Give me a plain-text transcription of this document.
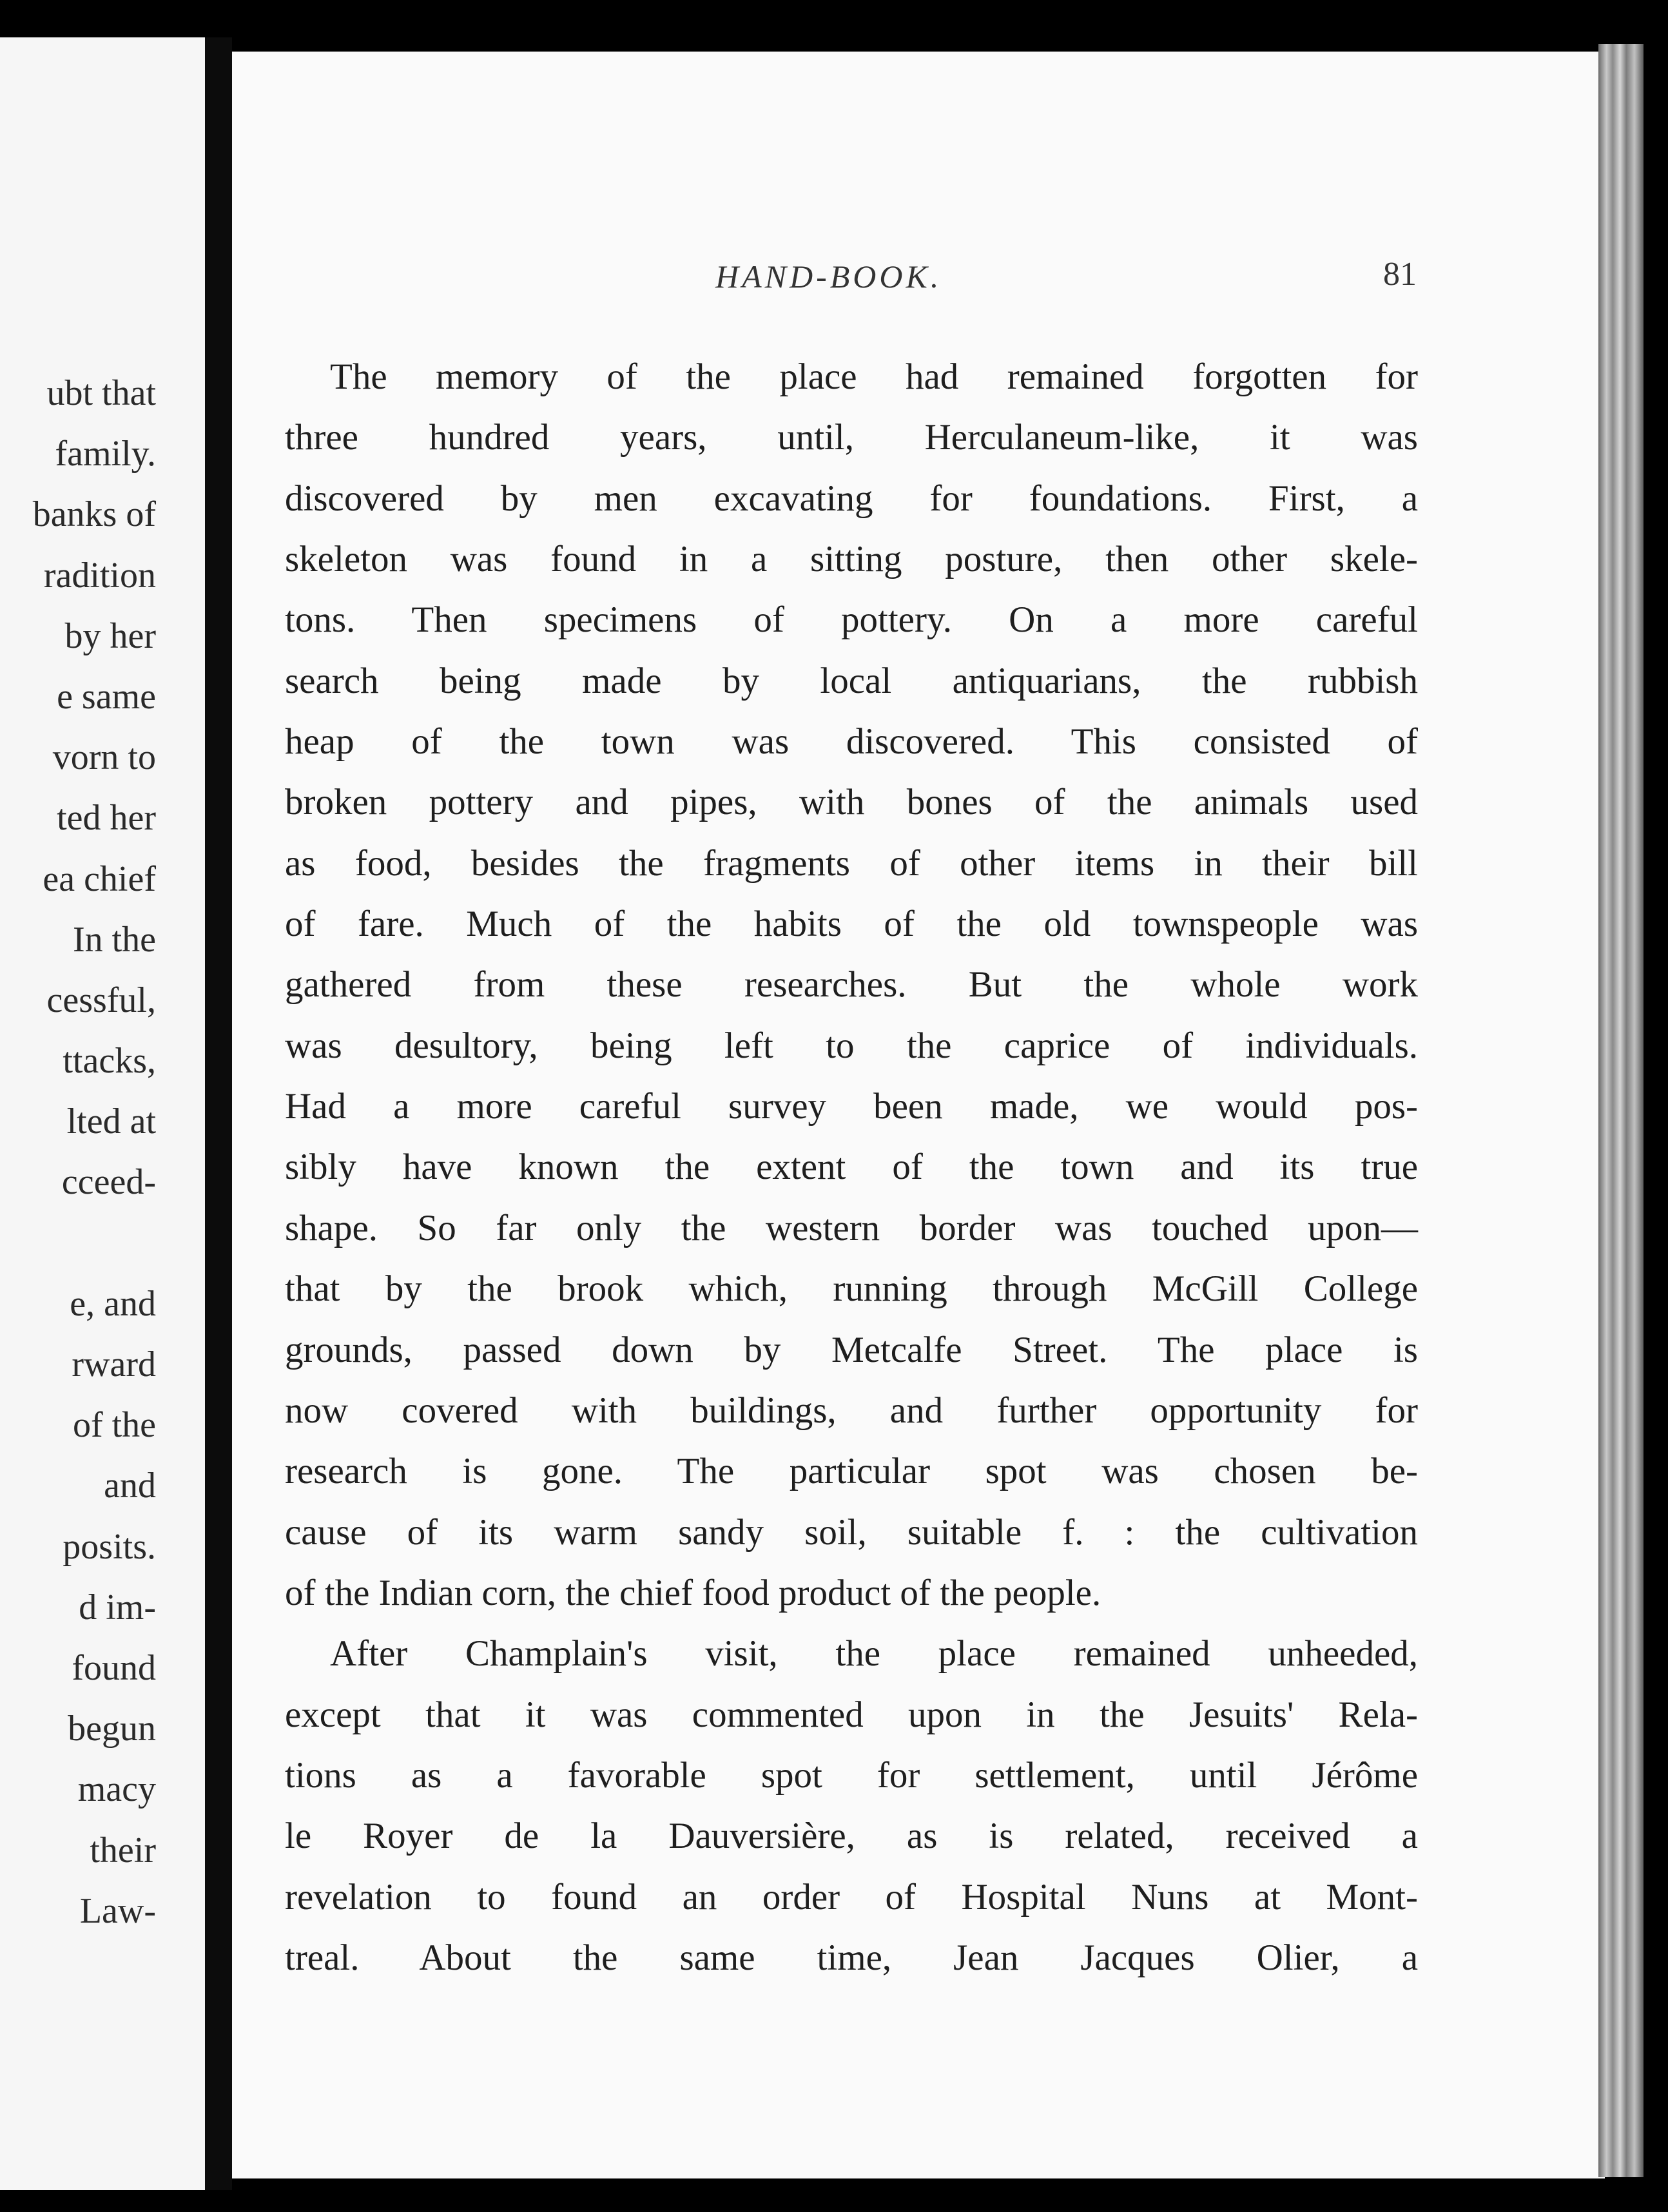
ubt that
family.
banks of
radition
by her
e same
vorn to
ted her
ea chief
In the
cessful,
ttacks,
lted at
cceed-
e, and
rward
of the
and
posits.
d im-
found
begun
macy
their
Law-
HAND-BOOK.	81
The memory of the place had remained forgotten for
three hundred years, until, Herculaneum-like, it was
discovered by men excavating for foundations. First, a
skeleton was found in a sitting posture, then other skele-
tons. Then specimens of pottery. On a more careful
search being made by local antiquarians, the rubbish
heap of the town was discovered. This consisted of
broken pottery and pipes, with bones of the animals used
as food, besides the fragments of other items in their bill
of fare. Much of the habits of the old townspeople was
gathered from these researches. But the whole work
was desultory, being left to the caprice of individuals.
Had a more careful survey been made, we would pos-
sibly have known the extent of the town and its true
shape. So far only the western border was touched upon—
that by the brook which, running through McGill College
grounds, passed down by Metcalfe Street. The place is
now covered with buildings, and further opportunity for
research is gone. The particular spot was chosen be-
cause of its warm sandy soil, suitable f. : the cultivation
of the Indian corn, the chief food product of the people.
After Champlain's visit, the place remained unheeded,
except that it was commented upon in the Jesuits' Rela-
tions as a favorable spot for settlement, until Jérôme
le Royer de la Dauversière, as is related, received a
revelation to found an order of Hospital Nuns at Mont-
treal. About the same time, Jean Jacques Olier, a
